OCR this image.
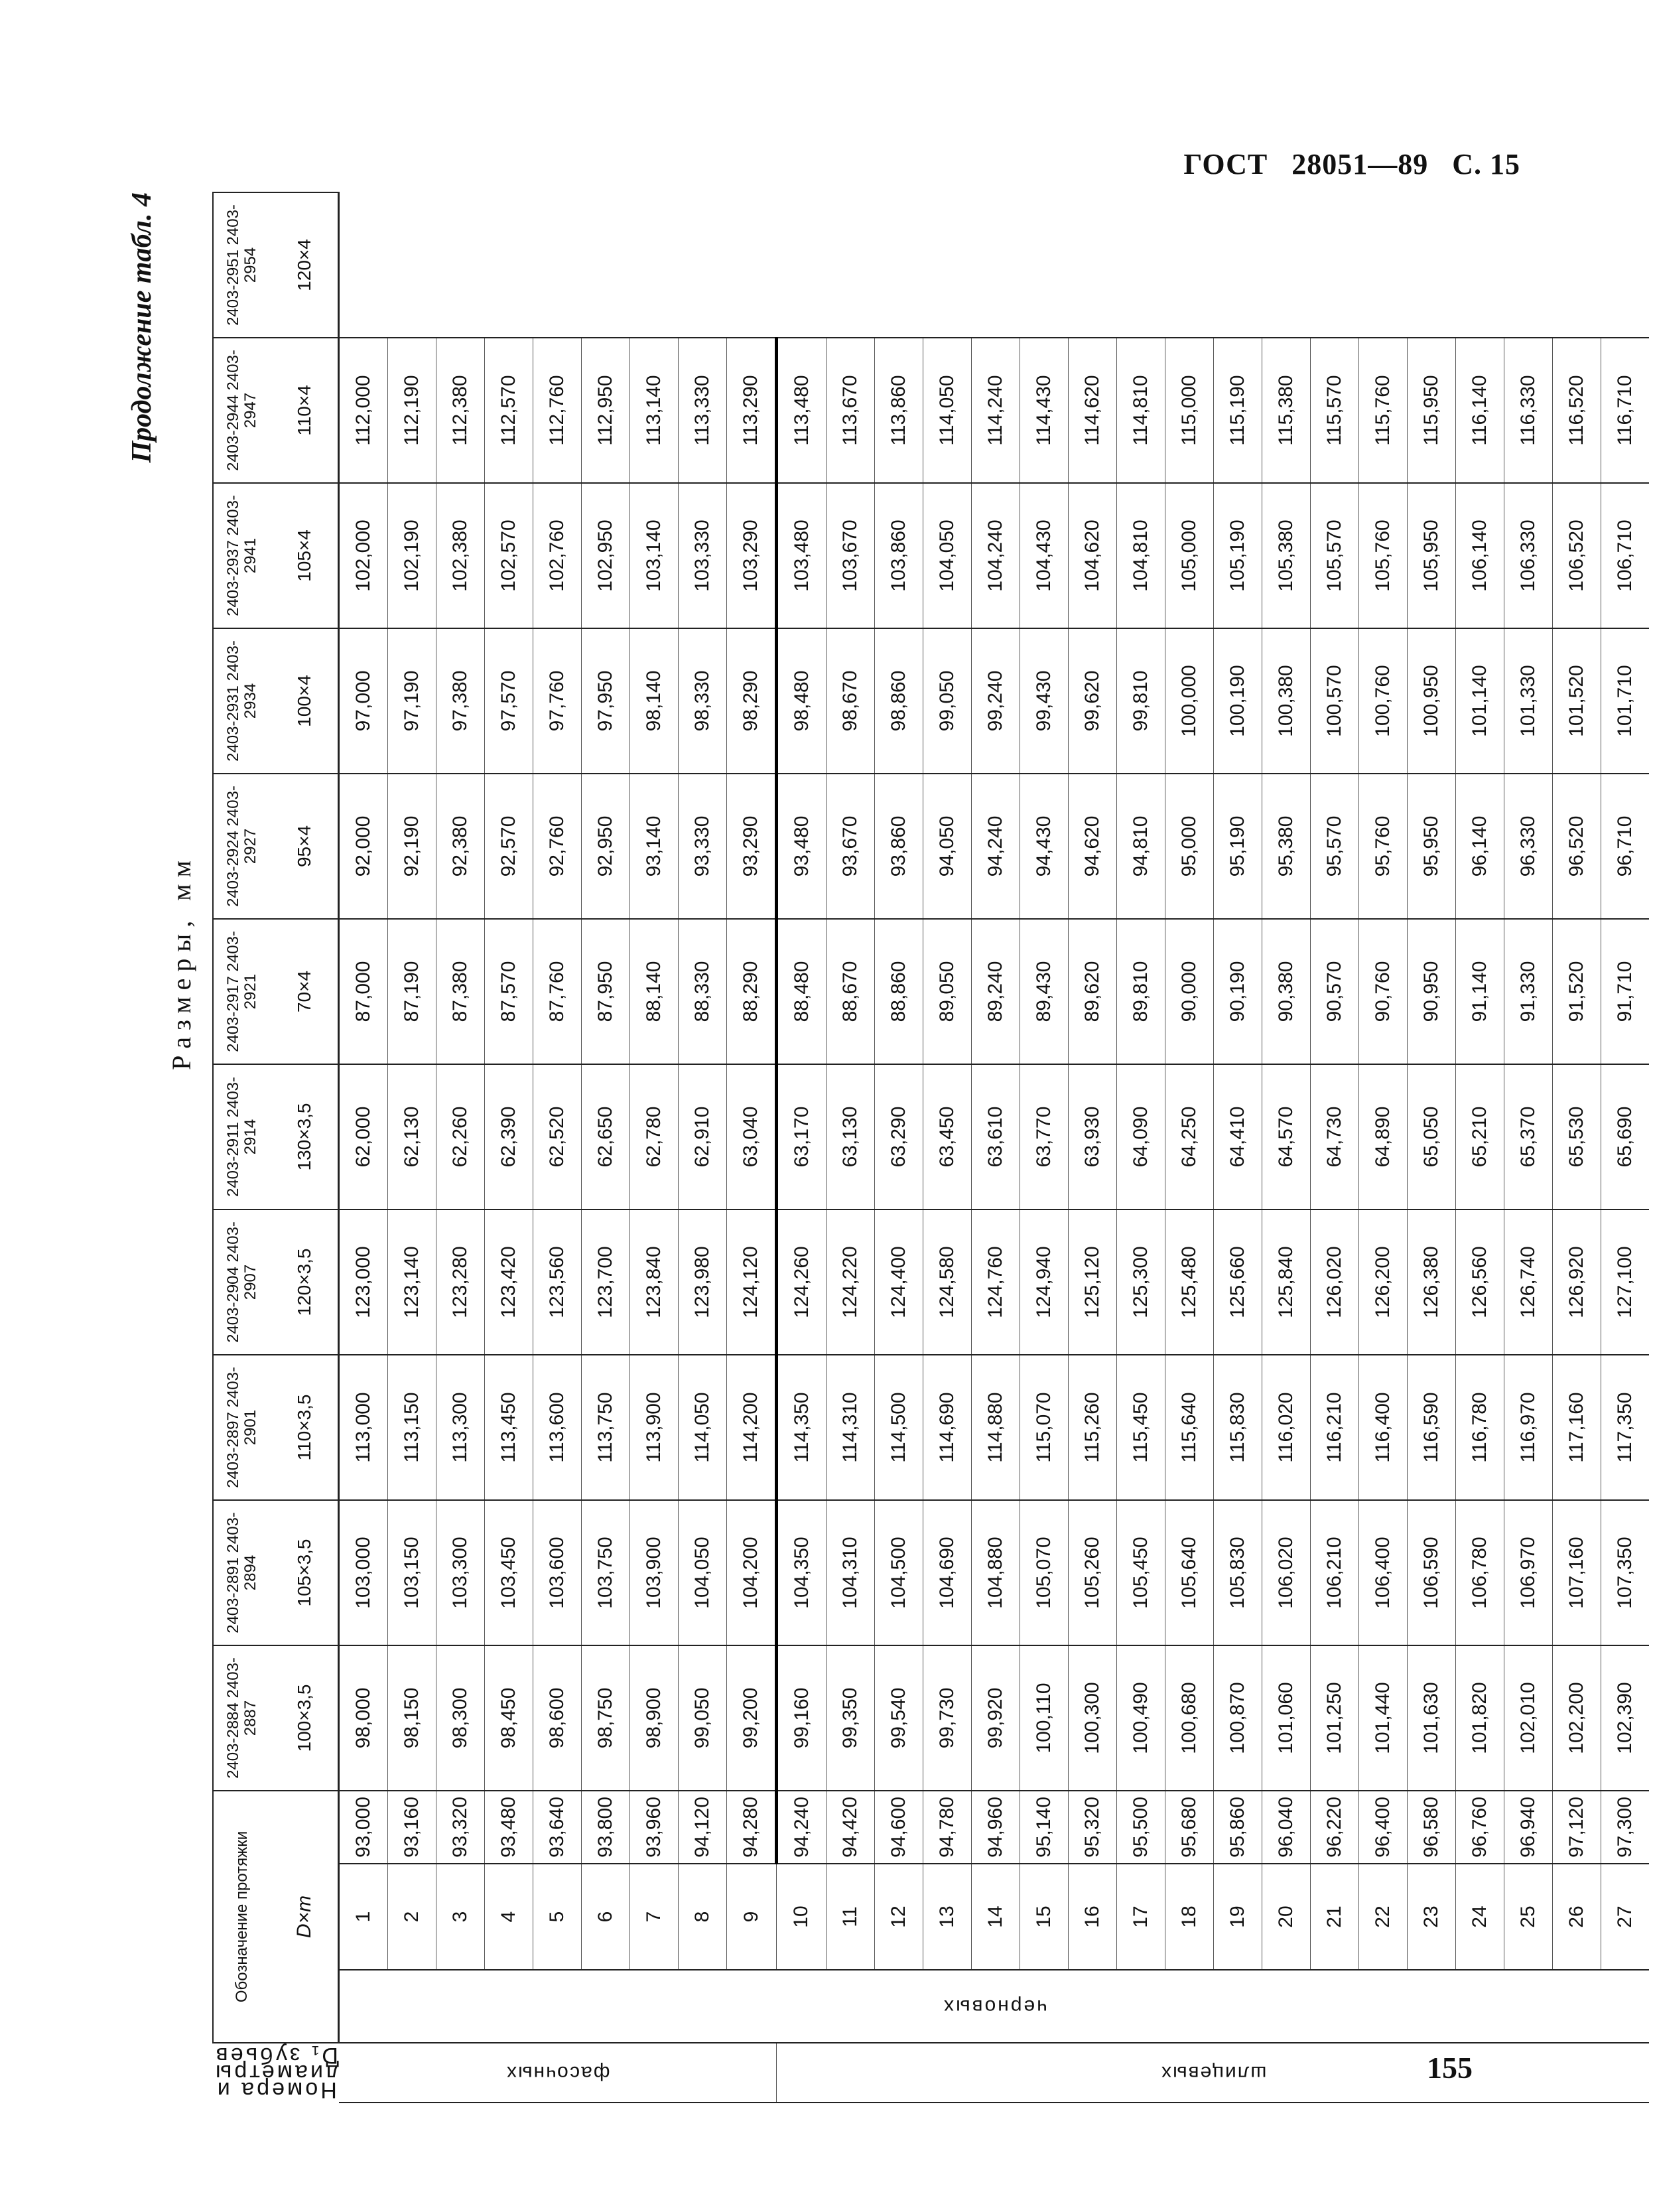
ГОСТ 28051—89 С. 15
Продолжение табл. 4
Размеры, мм
Номера и диаметры D₁ зубьев	Обозначение протяжки			2403-2884 2403-2887	2403-2891 2403-2894	2403-2897 2403-2901	2403-2904 2403-2907	2403-2911 2403-2914	2403-2917 2403-2921	2403-2924 2403-2927	2403-2931 2403-2934	2403-2937 2403-2941	2403-2944 2403-2947	2403-2951 2403-2954
	D×m			100×3,5	105×3,5	110×3,5	120×3,5	130×3,5	70×4	95×4	100×4	105×4	110×4	120×4

фасочных	черновых	1	93,000	98,000	103,000	113,000	123,000	62,000	87,000	92,000	97,000	102,000	112,000	
		2	93,160	98,150	103,150	113,150	123,140	62,130	87,190	92,190	97,190	102,190	112,190	
		3	93,320	98,300	103,300	113,300	123,280	62,260	87,380	92,380	97,380	102,380	112,380	
		4	93,480	98,450	103,450	113,450	123,420	62,390	87,570	92,570	97,570	102,570	112,570	
		5	93,640	98,600	103,600	113,600	123,560	62,520	87,760	92,760	97,760	102,760	112,760	
		6	93,800	98,750	103,750	113,750	123,700	62,650	87,950	92,950	97,950	102,950	112,950	
		7	93,960	98,900	103,900	113,900	123,840	62,780	88,140	93,140	98,140	103,140	113,140	
		8	94,120	99,050	104,050	114,050	123,980	62,910	88,330	93,330	98,330	103,330	113,330	
		9	94,280	99,200	104,200	114,200	124,120	63,040	88,290	93,290	98,290	103,290	113,290	

шлицевых		10	94,240	99,160	104,350	114,350	124,260	63,170	88,480	93,480	98,480	103,480	113,480	
		11	94,420	99,350	104,310	114,310	124,220	63,130	88,670	93,670	98,670	103,670	113,670	
		12	94,600	99,540	104,500	114,500	124,400	63,290	88,860	93,860	98,860	103,860	113,860	
		13	94,780	99,730	104,690	114,690	124,580	63,450	89,050	94,050	99,050	104,050	114,050	
		14	94,960	99,920	104,880	114,880	124,760	63,610	89,240	94,240	99,240	104,240	114,240	
		15	95,140	100,110	105,070	115,070	124,940	63,770	89,430	94,430	99,430	104,430	114,430	
		16	95,320	100,300	105,260	115,260	125,120	63,930	89,620	94,620	99,620	104,620	114,620	
		17	95,500	100,490	105,450	115,450	125,300	64,090	89,810	94,810	99,810	104,810	114,810	
		18	95,680	100,680	105,640	115,640	125,480	64,250	90,000	95,000	100,000	105,000	115,000	
		19	95,860	100,870	105,830	115,830	125,660	64,410	90,190	95,190	100,190	105,190	115,190	
		20	96,040	101,060	106,020	116,020	125,840	64,570	90,380	95,380	100,380	105,380	115,380	
		21	96,220	101,250	106,210	116,210	126,020	64,730	90,570	95,570	100,570	105,570	115,570	
		22	96,400	101,440	106,400	116,400	126,200	64,890	90,760	95,760	100,760	105,760	115,760	
		23	96,580	101,630	106,590	116,590	126,380	65,050	90,950	95,950	100,950	105,950	115,950	
		24	96,760	101,820	106,780	116,780	126,560	65,210	91,140	96,140	101,140	106,140	116,140	
		25	96,940	102,010	106,970	116,970	126,740	65,370	91,330	96,330	101,330	106,330	116,330	
		26	97,120	102,200	107,160	117,160	126,920	65,530	91,520	96,520	101,520	106,520	116,520	
		27	97,300	102,390	107,350	117,350	127,100	65,690	91,710	96,710	101,710	106,710	116,710	
155
